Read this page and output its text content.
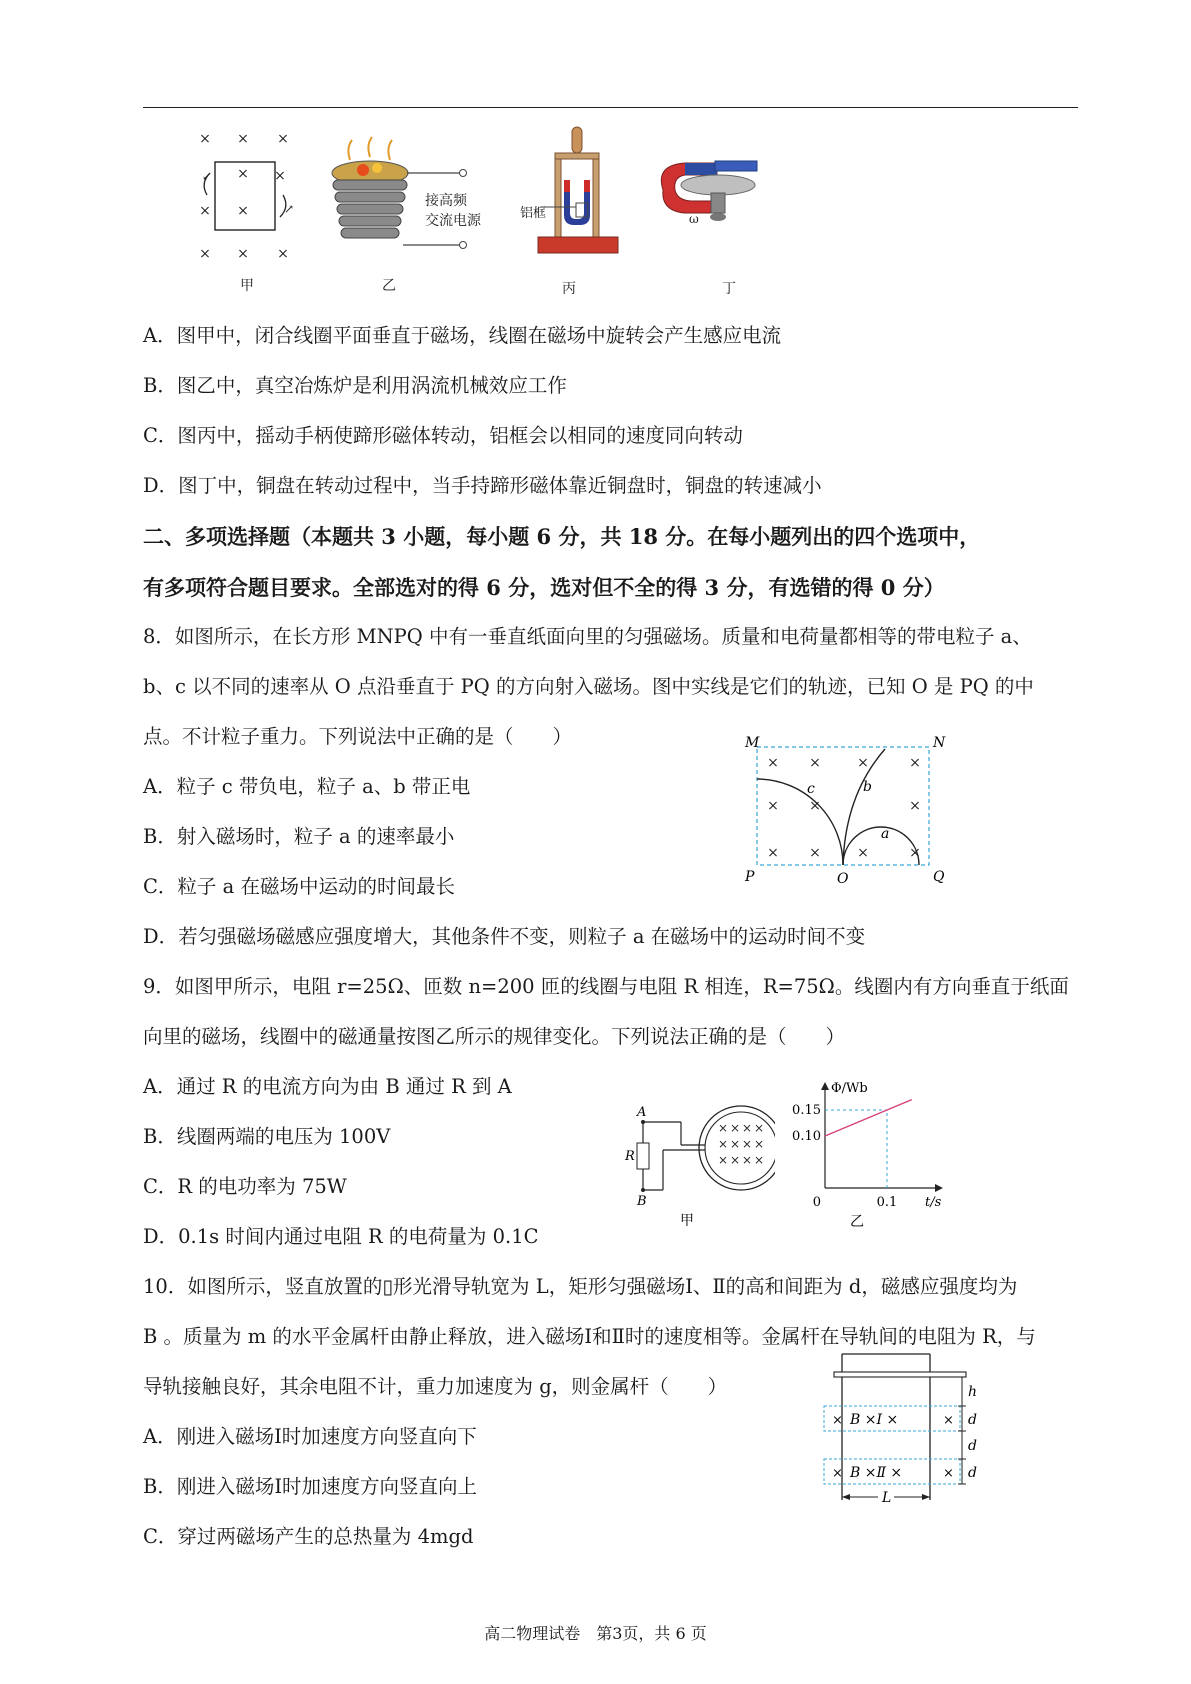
× × ×
×
× ×
× × ×
×
↙
↗
甲
接高频
交流电源
乙
铝框
丙
ω
丁
A．图甲中，闭合线圈平面垂直于磁场，线圈在磁场中旋转会产生感应电流
B．图乙中，真空冶炼炉是利用涡流机械效应工作
C．图丙中，摇动手柄使蹄形磁体转动，铝框会以相同的速度同向转动
D．图丁中，铜盘在转动过程中，当手持蹄形磁体靠近铜盘时，铜盘的转速减小
二、多项选择题（本题共 3 小题，每小题 6 分，共 18 分。在每小题列出的四个选项中，
有多项符合题目要求。全部选对的得 6 分，选对但不全的得 3 分，有选错的得 0 分）
8．如图所示，在长方形 MNPQ 中有一垂直纸面向里的匀强磁场。质量和电荷量都相等的带电粒子 a、
b、c 以不同的速率从 O 点沿垂直于 PQ 的方向射入磁场。图中实线是它们的轨迹，已知 O 是 PQ 的中
点。不计粒子重力。下列说法中正确的是（　　）
A．粒子 c 带负电，粒子 a、b 带正电
B．射入磁场时，粒子 a 的速率最小
C．粒子 a 在磁场中运动的时间最长
D．若匀强磁场磁感应强度增大，其他条件不变，则粒子 a 在磁场中的运动时间不变
× ×	×	×
× ×	×
× ×	×	×
M	N
P	Q
O
a
b
c
9．如图甲所示，电阻 r=25Ω、匝数 n=200 匝的线圈与电阻 R 相连，R=75Ω。线圈内有方向垂直于纸面
向里的磁场，线圈中的磁通量按图乙所示的规律变化。下列说法正确的是（　　）
A．通过 R 的电流方向为由 B 通过 R 到 A
B．线圈两端的电压为 100V
C．R 的电功率为 75W
D．0.1s 时间内通过电阻 R 的电荷量为 0.1C
× × × ×
× × × ×
× × × ×
A
B
R
甲
Φ/Wb
t/s
0
0.15
0.10
0.1
乙
10．如图所示，竖直放置的▯形光滑导轨宽为 L，矩形匀强磁场Ⅰ、Ⅱ的高和间距为 d，磁感应强度均为
B 。质量为 m 的水平金属杆由静止释放，进入磁场Ⅰ和Ⅱ时的速度相等。金属杆在导轨间的电阻为 R，与
导轨接触良好，其余电阻不计，重力加速度为 g，则金属杆（　　）
A．刚进入磁场Ⅰ时加速度方向竖直向下
B．刚进入磁场Ⅰ时加速度方向竖直向上
C．穿过两磁场产生的总热量为 4mgd
×	×
×	×
B ×Ⅰ ×
B ×Ⅱ ×
h
d
d
d
L
高二物理试卷　第3页，共 6 页
